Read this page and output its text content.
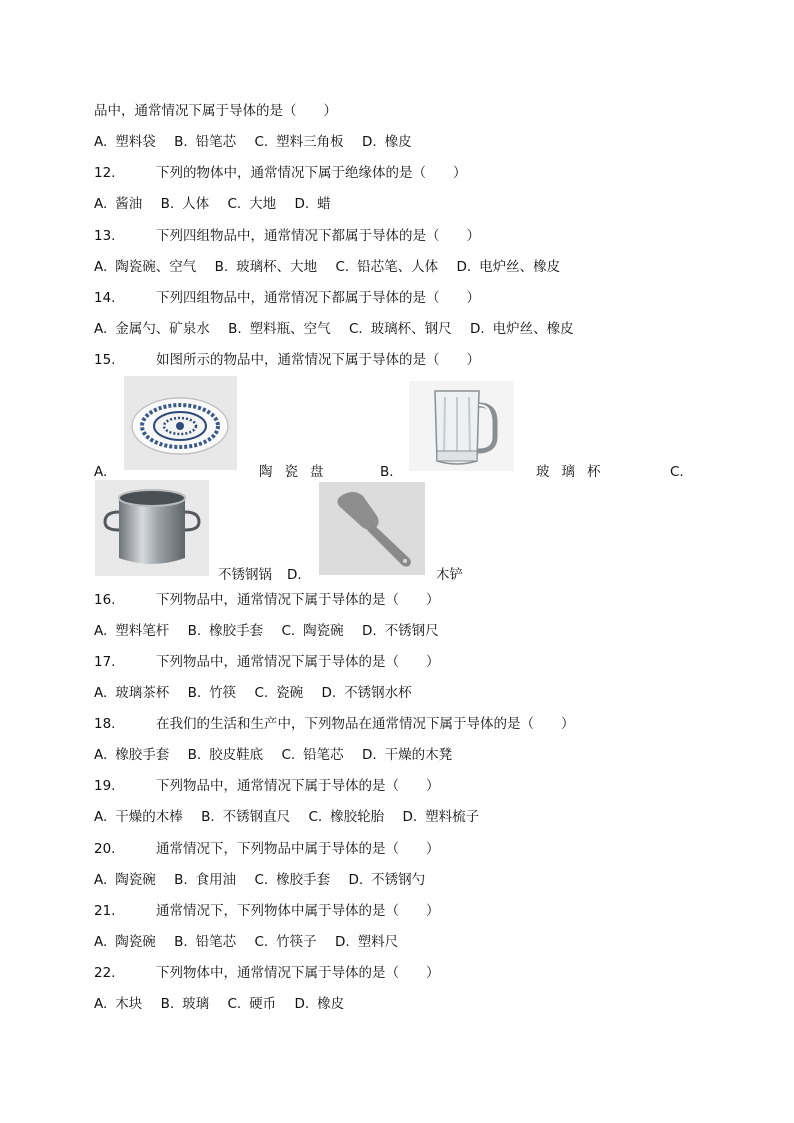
品中，通常情况下属于导体的是（　　）
A. 塑料袋 B. 铅笔芯 C. 塑料三角板 D. 橡皮
12.	下列的物体中，通常情况下属于绝缘体的是（　　）
A. 酱油 B. 人体 C. 大地 D. 蜡
13.	下列四组物品中，通常情况下都属于导体的是（　　）
A. 陶瓷碗、空气 B. 玻璃杯、大地 C. 铅芯笔、人体 D. 电炉丝、橡皮
14.	下列四组物品中，通常情况下都属于导体的是（　　）
A. 金属勺、矿泉水 B. 塑料瓶、空气 C. 玻璃杯、钢尺 D. 电炉丝、橡皮
15.	如图所示的物品中，通常情况下属于导体的是（　　）
A.	陶瓷盘	B.	玻璃杯	C.
不锈钢锅 D.	木铲
16.	下列物品中，通常情况下属于导体的是（　　）
A. 塑料笔杆 B. 橡胶手套 C. 陶瓷碗 D. 不锈钢尺
17.	下列物品中，通常情况下属于导体的是（　　）
A. 玻璃茶杯 B. 竹筷 C. 瓷碗 D. 不锈钢水杯
18.	在我们的生活和生产中，下列物品在通常情况下属于导体的是（　　）
A. 橡胶手套 B. 胶皮鞋底 C. 铅笔芯 D. 干燥的木凳
19.	下列物品中，通常情况下属于导体的是（　　）
A. 干燥的木棒 B. 不锈钢直尺 C. 橡胶轮胎 D. 塑料梳子
20.	通常情况下，下列物品中属于导体的是（　　）
A. 陶瓷碗 B. 食用油 C. 橡胶手套 D. 不锈钢勺
21.	通常情况下，下列物体中属于导体的是（　　）
A. 陶瓷碗 B. 铅笔芯 C. 竹筷子 D. 塑料尺
22.	下列物体中，通常情况下属于导体的是（　　）
A. 木块 B. 玻璃 C. 硬币 D. 橡皮
